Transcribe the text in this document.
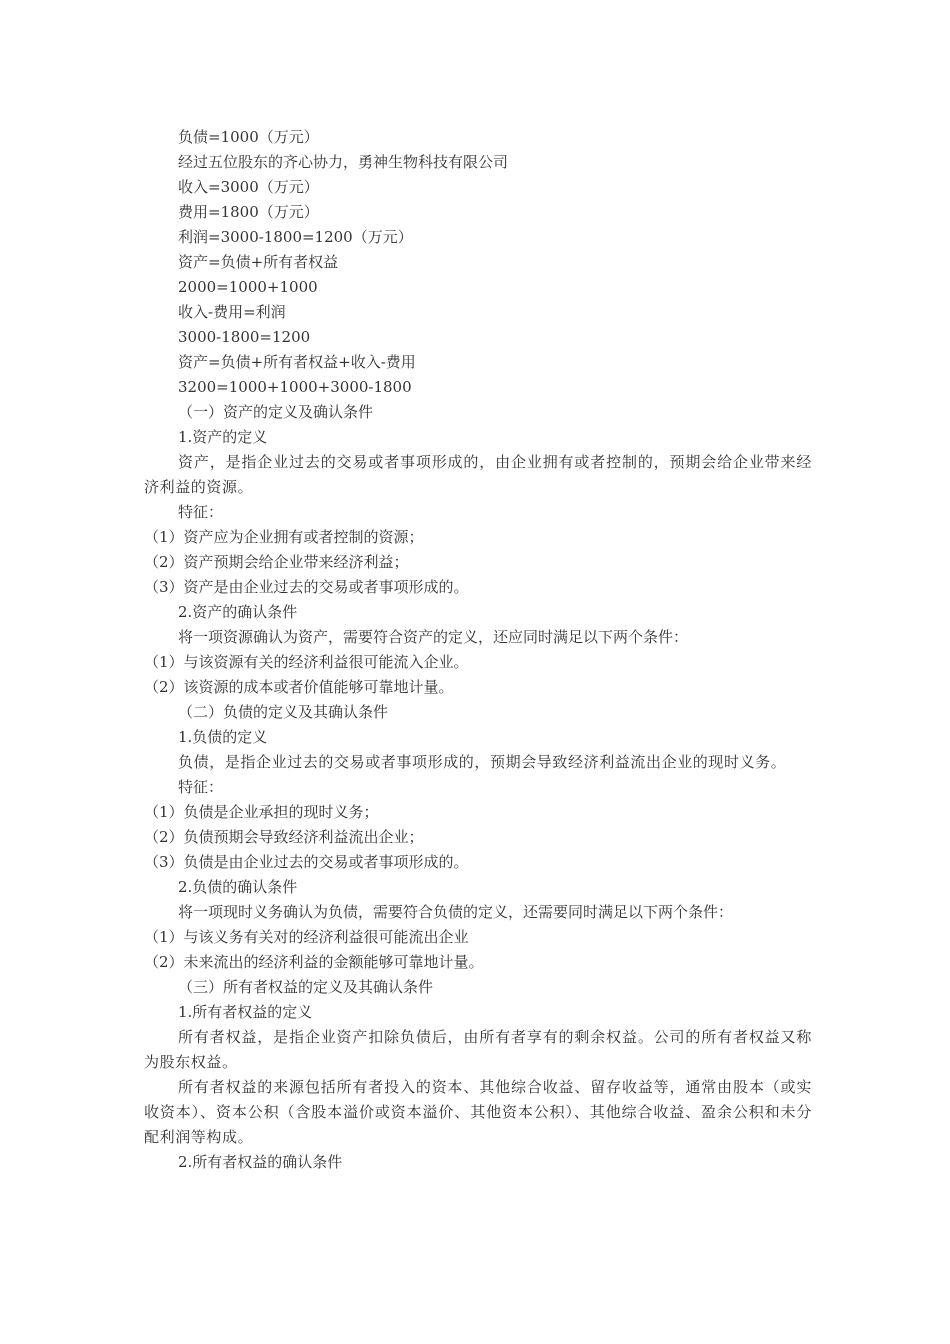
负债=1000（万元）
经过五位股东的齐心协力，勇神生物科技有限公司
收入=3000（万元）
费用=1800（万元）
利润=3000-1800=1200（万元）
资产=负债+所有者权益
2000=1000+1000
收入-费用=利润
3000-1800=1200
资产=负债+所有者权益+收入-费用
3200=1000+1000+3000-1800
（一）资产的定义及确认条件
1.资产的定义
资产，是指企业过去的交易或者事项形成的，由企业拥有或者控制的，预期会给企业带来经济利益的资源。
特征：
（1）资产应为企业拥有或者控制的资源；
（2）资产预期会给企业带来经济利益；
（3）资产是由企业过去的交易或者事项形成的。
2.资产的确认条件
将一项资源确认为资产，需要符合资产的定义，还应同时满足以下两个条件：
（1）与该资源有关的经济利益很可能流入企业。
（2）该资源的成本或者价值能够可靠地计量。
（二）负债的定义及其确认条件
1.负债的定义
负债，是指企业过去的交易或者事项形成的，预期会导致经济利益流出企业的现时义务。
特征：
（1）负债是企业承担的现时义务；
（2）负债预期会导致经济利益流出企业；
（3）负债是由企业过去的交易或者事项形成的。
2.负债的确认条件
将一项现时义务确认为负债，需要符合负债的定义，还需要同时满足以下两个条件：
（1）与该义务有关对的经济利益很可能流出企业
（2）未来流出的经济利益的金额能够可靠地计量。
（三）所有者权益的定义及其确认条件
1.所有者权益的定义
所有者权益，是指企业资产扣除负债后，由所有者享有的剩余权益。公司的所有者权益又称为股东权益。
所有者权益的来源包括所有者投入的资本、其他综合收益、留存收益等，通常由股本（或实收资本）、资本公积（含股本溢价或资本溢价、其他资本公积）、其他综合收益、盈余公积和未分配利润等构成。
2.所有者权益的确认条件
